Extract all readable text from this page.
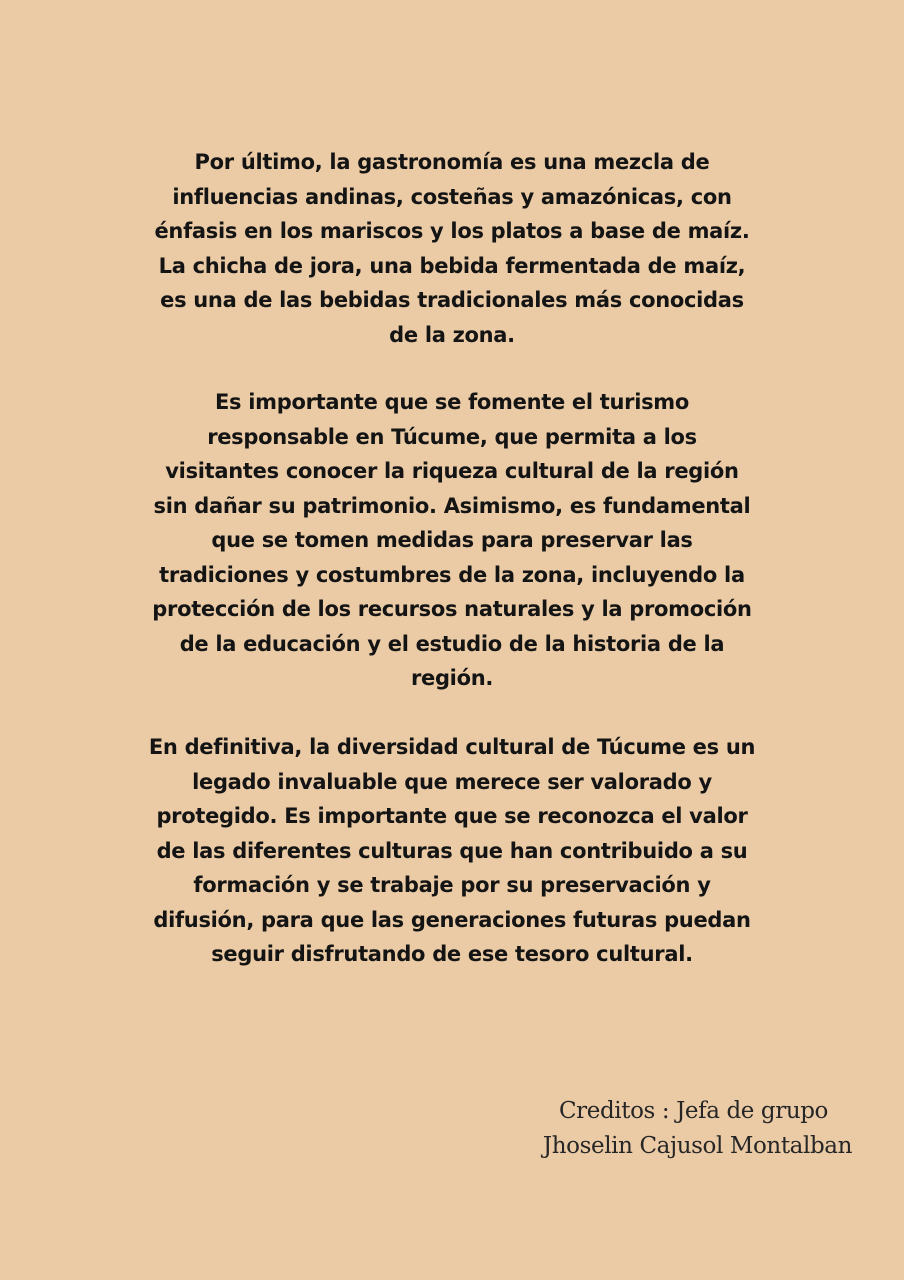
Por último, la gastronomía es una mezcla de
influencias andinas, costeñas y amazónicas, con
énfasis en los mariscos y los platos a base de maíz.
La chicha de jora, una bebida fermentada de maíz,
es una de las bebidas tradicionales más conocidas
de la zona.
Es importante que se fomente el turismo
responsable en Túcume, que permita a los
visitantes conocer la riqueza cultural de la región
sin dañar su patrimonio. Asimismo, es fundamental
que se tomen medidas para preservar las
tradiciones y costumbres de la zona, incluyendo la
protección de los recursos naturales y la promoción
de la educación y el estudio de la historia de la
región.
En definitiva, la diversidad cultural de Túcume es un
legado invaluable que merece ser valorado y
protegido. Es importante que se reconozca el valor
de las diferentes culturas que han contribuido a su
formación y se trabaje por su preservación y
difusión, para que las generaciones futuras puedan
seguir disfrutando de ese tesoro cultural.
Creditos : Jefa de grupo
Jhoselin Cajusol Montalban
